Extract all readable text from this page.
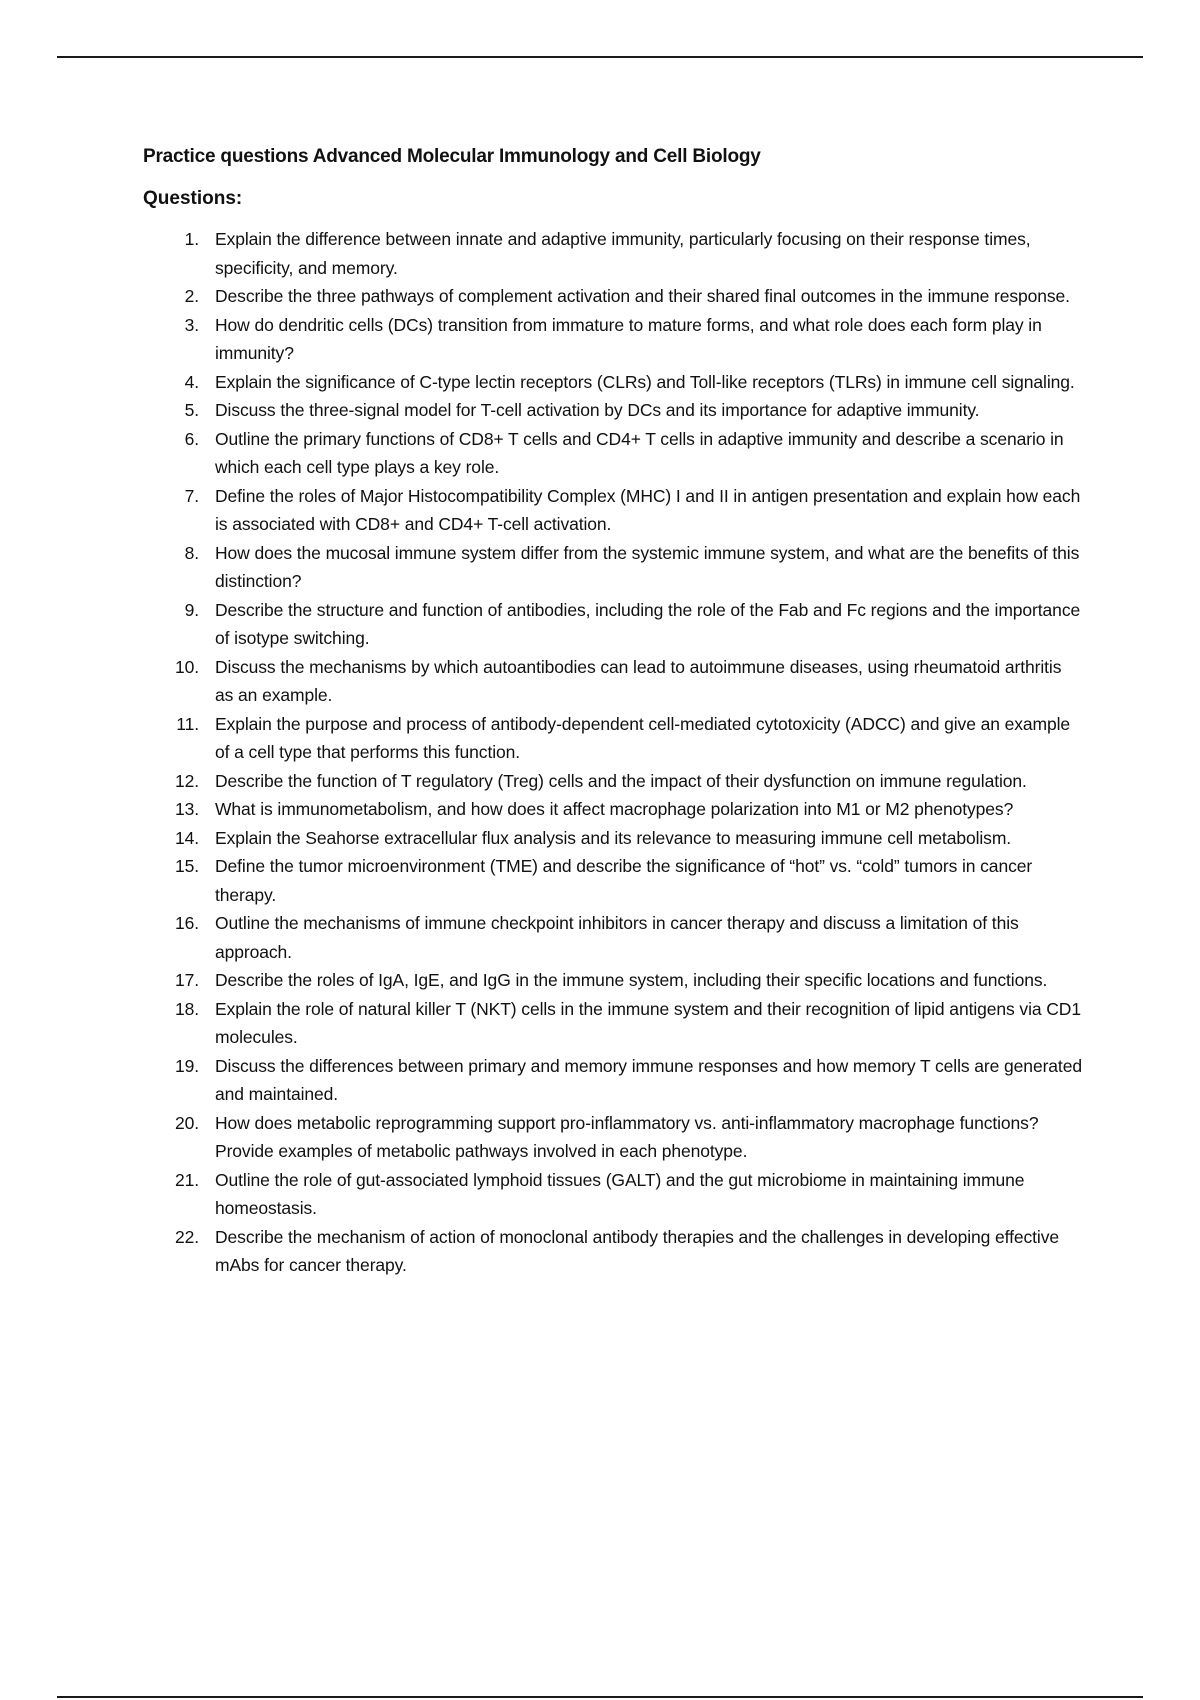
Practice questions Advanced Molecular Immunology and Cell Biology
Questions:
1. Explain the difference between innate and adaptive immunity, particularly focusing on their response times, specificity, and memory.
2. Describe the three pathways of complement activation and their shared final outcomes in the immune response.
3. How do dendritic cells (DCs) transition from immature to mature forms, and what role does each form play in immunity?
4. Explain the significance of C-type lectin receptors (CLRs) and Toll-like receptors (TLRs) in immune cell signaling.
5. Discuss the three-signal model for T-cell activation by DCs and its importance for adaptive immunity.
6. Outline the primary functions of CD8+ T cells and CD4+ T cells in adaptive immunity and describe a scenario in which each cell type plays a key role.
7. Define the roles of Major Histocompatibility Complex (MHC) I and II in antigen presentation and explain how each is associated with CD8+ and CD4+ T-cell activation.
8. How does the mucosal immune system differ from the systemic immune system, and what are the benefits of this distinction?
9. Describe the structure and function of antibodies, including the role of the Fab and Fc regions and the importance of isotype switching.
10. Discuss the mechanisms by which autoantibodies can lead to autoimmune diseases, using rheumatoid arthritis as an example.
11. Explain the purpose and process of antibody-dependent cell-mediated cytotoxicity (ADCC) and give an example of a cell type that performs this function.
12. Describe the function of T regulatory (Treg) cells and the impact of their dysfunction on immune regulation.
13. What is immunometabolism, and how does it affect macrophage polarization into M1 or M2 phenotypes?
14. Explain the Seahorse extracellular flux analysis and its relevance to measuring immune cell metabolism.
15. Define the tumor microenvironment (TME) and describe the significance of “hot” vs. “cold” tumors in cancer therapy.
16. Outline the mechanisms of immune checkpoint inhibitors in cancer therapy and discuss a limitation of this approach.
17. Describe the roles of IgA, IgE, and IgG in the immune system, including their specific locations and functions.
18. Explain the role of natural killer T (NKT) cells in the immune system and their recognition of lipid antigens via CD1 molecules.
19. Discuss the differences between primary and memory immune responses and how memory T cells are generated and maintained.
20. How does metabolic reprogramming support pro-inflammatory vs. anti-inflammatory macrophage functions? Provide examples of metabolic pathways involved in each phenotype.
21. Outline the role of gut-associated lymphoid tissues (GALT) and the gut microbiome in maintaining immune homeostasis.
22. Describe the mechanism of action of monoclonal antibody therapies and the challenges in developing effective mAbs for cancer therapy.
